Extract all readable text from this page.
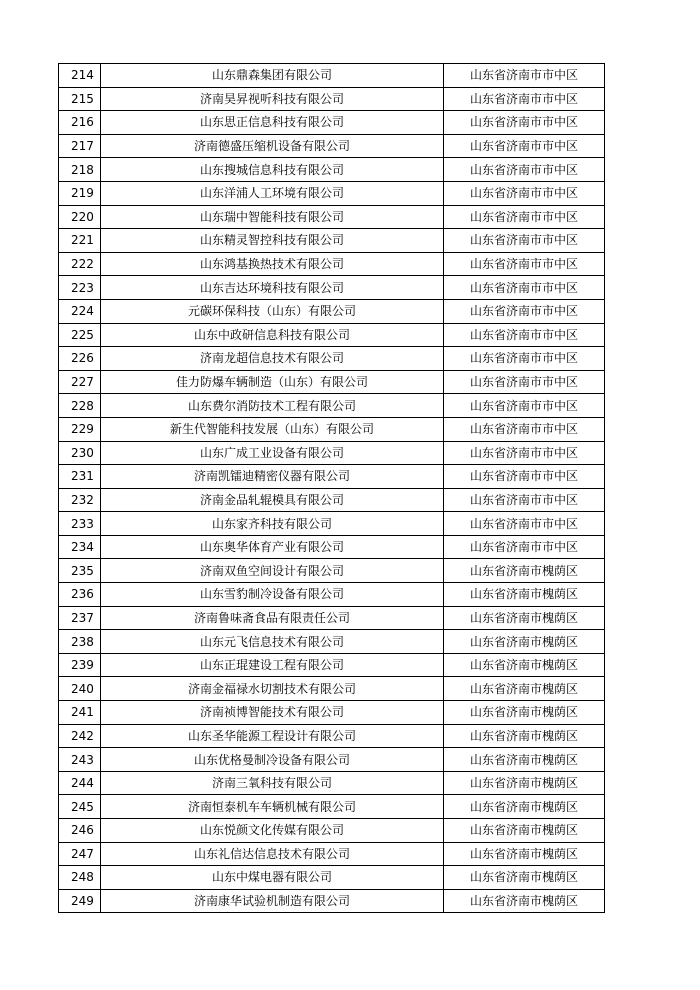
214	山东鼎森集团有限公司	山东省济南市市中区
215	济南昊昇视听科技有限公司	山东省济南市市中区
216	山东思正信息科技有限公司	山东省济南市市中区
217	济南德盛压缩机设备有限公司	山东省济南市市中区
218	山东搜城信息科技有限公司	山东省济南市市中区
219	山东洋浦人工环境有限公司	山东省济南市市中区
220	山东瑞中智能科技有限公司	山东省济南市市中区
221	山东精灵智控科技有限公司	山东省济南市市中区
222	山东鸿基换热技术有限公司	山东省济南市市中区
223	山东吉达环境科技有限公司	山东省济南市市中区
224	元碳环保科技（山东）有限公司	山东省济南市市中区
225	山东中政研信息科技有限公司	山东省济南市市中区
226	济南龙超信息技术有限公司	山东省济南市市中区
227	佳力防爆车辆制造（山东）有限公司	山东省济南市市中区
228	山东费尔消防技术工程有限公司	山东省济南市市中区
229	新生代智能科技发展（山东）有限公司	山东省济南市市中区
230	山东广成工业设备有限公司	山东省济南市市中区
231	济南凯镭迪精密仪器有限公司	山东省济南市市中区
232	济南金品轧辊模具有限公司	山东省济南市市中区
233	山东家齐科技有限公司	山东省济南市市中区
234	山东奥华体育产业有限公司	山东省济南市市中区
235	济南双鱼空间设计有限公司	山东省济南市槐荫区
236	山东雪豹制冷设备有限公司	山东省济南市槐荫区
237	济南鲁味斋食品有限责任公司	山东省济南市槐荫区
238	山东元飞信息技术有限公司	山东省济南市槐荫区
239	山东正琨建设工程有限公司	山东省济南市槐荫区
240	济南金福禄水切割技术有限公司	山东省济南市槐荫区
241	济南祯博智能技术有限公司	山东省济南市槐荫区
242	山东圣华能源工程设计有限公司	山东省济南市槐荫区
243	山东优格曼制冷设备有限公司	山东省济南市槐荫区
244	济南三氧科技有限公司	山东省济南市槐荫区
245	济南恒泰机车车辆机械有限公司	山东省济南市槐荫区
246	山东悦颜文化传媒有限公司	山东省济南市槐荫区
247	山东礼信达信息技术有限公司	山东省济南市槐荫区
248	山东中煤电器有限公司	山东省济南市槐荫区
249	济南康华试验机制造有限公司	山东省济南市槐荫区
